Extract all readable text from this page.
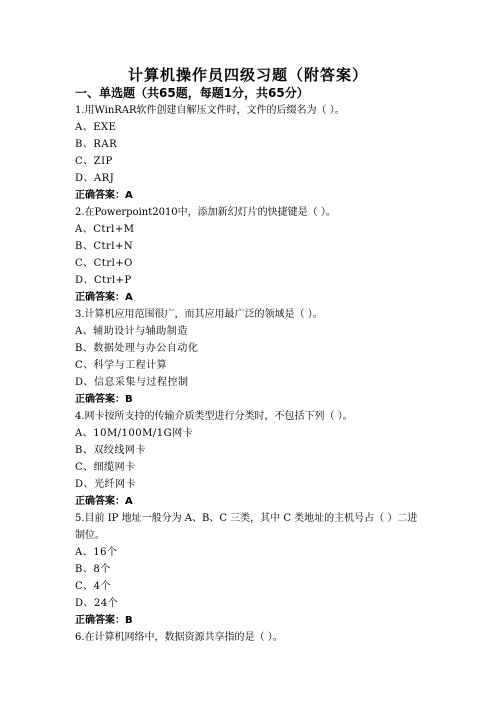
计算机操作员四级习题（附答案）
一、单选题（共65题，每题1分，共65分）
1.用WinRAR软件创建自解压文件时，文件的后缀名为（ ）。
A、EXE
B、RAR
C、ZIP
D、ARJ
正确答案：A
2.在Powerpoint2010中，添加新幻灯片的快捷键是（ ）。
A、Ctrl+M
B、Ctrl+N
C、Ctrl+O
D、Ctrl+P
正确答案：A
3.计算机应用范围很广，而其应用最广泛的领域是（ ）。
A、辅助设计与辅助制造
B、数据处理与办公自动化
C、科学与工程计算
D、信息采集与过程控制
正确答案：B
4.网卡按所支持的传输介质类型进行分类时，不包括下列（ ）。
A、10M/100M/1G网卡
B、双绞线网卡
C、细缆网卡
D、光纤网卡
正确答案：A
5.目前 IP 地址一般分为 A、B、C 三类，其中 C 类地址的主机号占（ ）二进制位。
A、16个
B、8个
C、4个
D、24个
正确答案：B
6.在计算机网络中，数据资源共享指的是（ ）。
